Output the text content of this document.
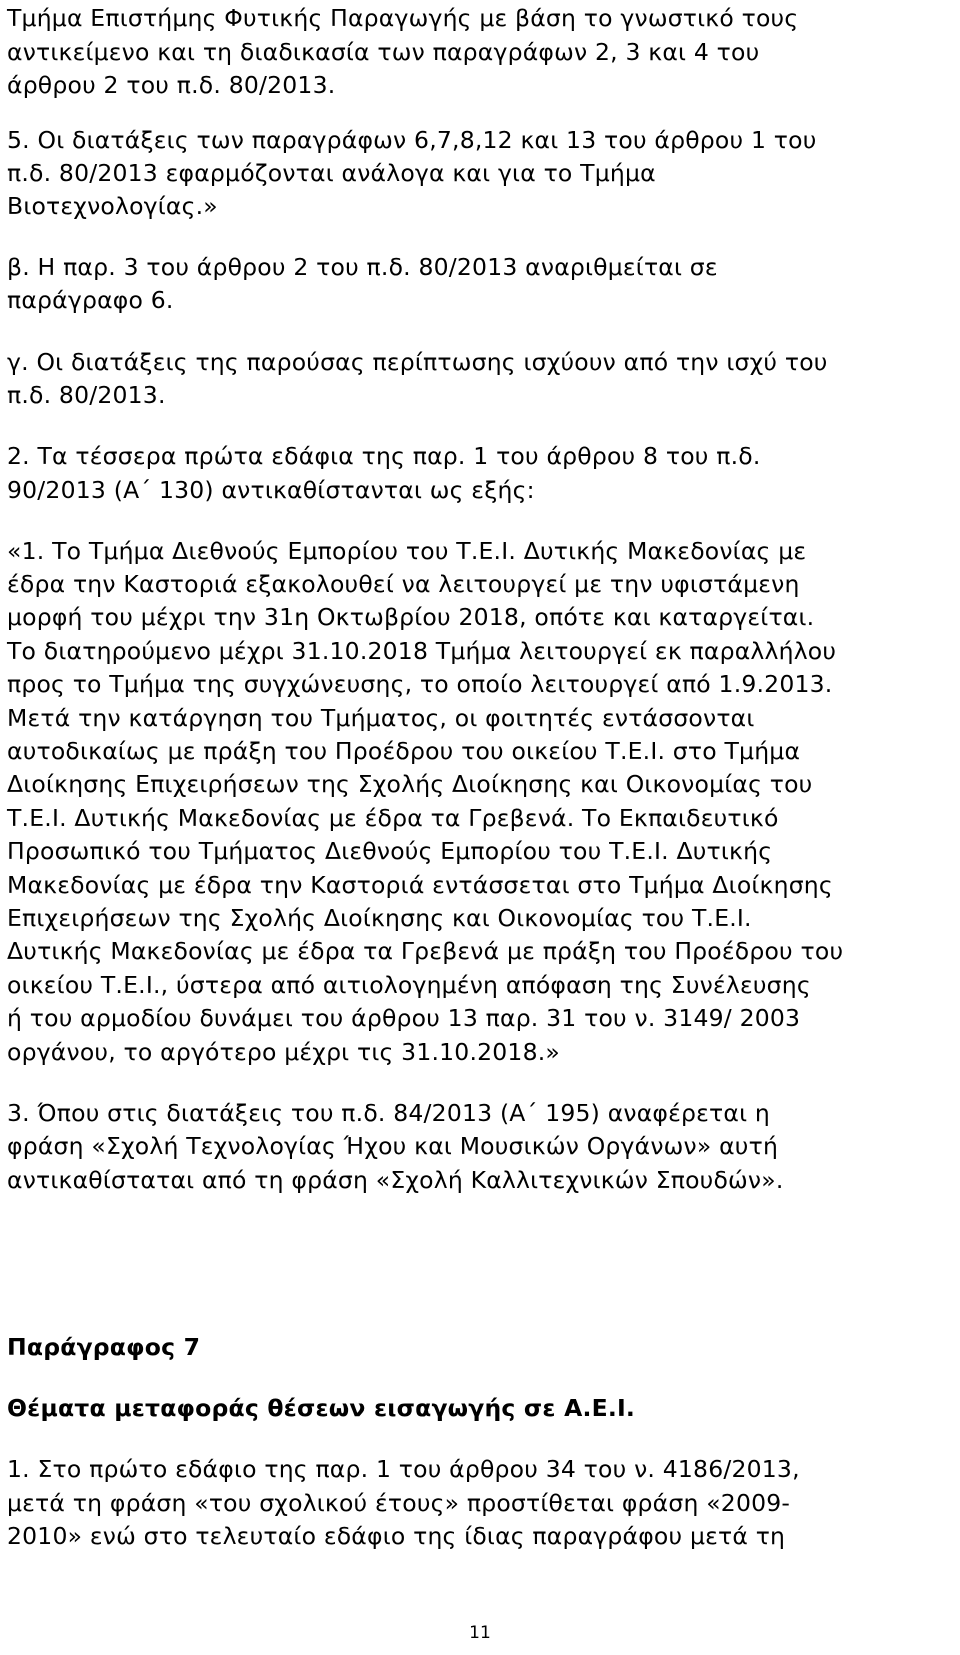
Τμήμα Επιστήμης Φυτικής Παραγωγής με βάση το γνωστικό τους
αντικείμενο και τη διαδικασία των παραγράφων 2, 3 και 4 του
άρθρου 2 του π.δ. 80/2013.
5. Οι διατάξεις των παραγράφων 6,7,8,12 και 13 του άρθρου 1 του
π.δ. 80/2013 εφαρμόζονται ανάλογα και για το Τμήμα
Βιοτεχνολογίας.»
β. Η παρ. 3 του άρθρου 2 του π.δ. 80/2013 αναριθμείται σε
παράγραφο 6.
γ. Οι διατάξεις της παρούσας περίπτωσης ισχύουν από την ισχύ του
π.δ. 80/2013.
2. Τα τέσσερα πρώτα εδάφια της παρ. 1 του άρθρου 8 του π.δ.
90/2013 (Α΄ 130) αντικαθίστανται ως εξής:
«1. Το Τμήμα Διεθνούς Εμπορίου του Τ.Ε.Ι. Δυτικής Μακεδονίας με
έδρα την Καστοριά εξακολουθεί να λειτουργεί με την υφιστάμενη
μορφή του μέχρι την 31η Οκτωβρίου 2018, οπότε και καταργείται.
Το διατηρούμενο μέχρι 31.10.2018 Τμήμα λειτουργεί εκ παραλλήλου
προς το Τμήμα της συγχώνευσης, το οποίο λειτουργεί από 1.9.2013.
Μετά την κατάργηση του Τμήματος, οι φοιτητές εντάσσονται
αυτοδικαίως με πράξη του Προέδρου του οικείου Τ.Ε.Ι. στο Τμήμα
Διοίκησης Επιχειρήσεων της Σχολής Διοίκησης και Οικονομίας του
Τ.Ε.Ι. Δυτικής Μακεδονίας με έδρα τα Γρεβενά. Το Εκπαιδευτικό
Προσωπικό του Τμήματος Διεθνούς Εμπορίου του Τ.Ε.Ι. Δυτικής
Μακεδονίας με έδρα την Καστοριά εντάσσεται στο Τμήμα Διοίκησης
Επιχειρήσεων της Σχολής Διοίκησης και Οικονομίας του Τ.Ε.Ι.
Δυτικής Μακεδονίας με έδρα τα Γρεβενά με πράξη του Προέδρου του
οικείου Τ.Ε.Ι., ύστερα από αιτιολογημένη απόφαση της Συνέλευσης
ή του αρμοδίου δυνάμει του άρθρου 13 παρ. 31 του ν. 3149/ 2003
οργάνου, το αργότερο μέχρι τις 31.10.2018.»
3. Όπου στις διατάξεις του π.δ. 84/2013 (Α΄ 195) αναφέρεται η
φράση «Σχολή Τεχνολογίας Ήχου και Μουσικών Οργάνων» αυτή
αντικαθίσταται από τη φράση «Σχολή Καλλιτεχνικών Σπουδών».
Παράγραφος 7
Θέματα μεταφοράς θέσεων εισαγωγής σε Α.Ε.Ι.
1. Στο πρώτο εδάφιο της παρ. 1 του άρθρου 34 του ν. 4186/2013,
μετά τη φράση «του σχολικού έτους» προστίθεται φράση «2009-
2010» ενώ στο τελευταίο εδάφιο της ίδιας παραγράφου μετά τη
11
